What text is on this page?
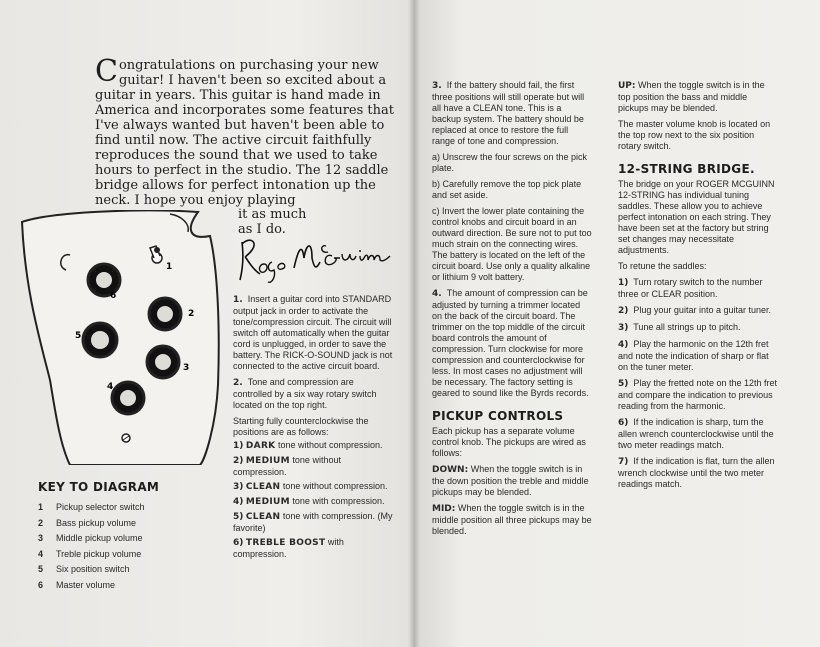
Congratulations on purchasing your new guitar! I haven't been so excited about a guitar in years. This guitar is hand made in America and incorporates some features that I've always wanted but haven't been able to find until now. The active circuit faithfully reproduces the sound that we used to take hours to perfect in the studio. The 12 saddle bridge allows for perfect intonation up the neck. I hope you enjoy playing

it as much
as I do.
1
2
3
4
5
6	1. Insert a guitar cord into STANDARD output jack in order to activate the tone/compression circuit. The circuit will switch off automatically when the guitar cord is unplugged, in order to save the battery. The RICK-O-SOUND jack is not connected to the active circuit board.

2. Tone and compression are controlled by a six way rotary switch located on the top right.

Starting fully counterclockwise the positions are as follows:

1) DARK tone without compression.
2) MEDIUM tone without compression.
3) CLEAN tone without compression.
4) MEDIUM tone with compression.
5) CLEAN tone with compression. (My favorite)
6) TREBLE BOOST with compression.
KEY TO DIAGRAM
1 Pickup selector switch
2 Bass pickup volume
3 Middle pickup volume
4 Treble pickup volume
5 Six position switch
6 Master volume

3. If the battery should fail, the first three positions will still operate but will all have a CLEAN tone. This is a backup system. The battery should be replaced at once to restore the full range of tone and compression.

a) Unscrew the four screws on the pick plate.

b) Carefully remove the top pick plate and set aside.

c) Invert the lower plate containing the control knobs and circuit board in an outward direction. Be sure not to put too much strain on the connecting wires. The battery is located on the left of the circuit board. Use only a quality alkaline or lithium 9 volt battery.

4. The amount of compression can be adjusted by turning a trimmer located on the back of the circuit board. The trimmer on the top middle of the circuit board controls the amount of compression. Turn clockwise for more compression and counterclockwise for less. In most cases no adjustment will be necessary. The factory setting is geared to sound like the Byrds records.

PICKUP CONTROLS

Each pickup has a separate volume control knob. The pickups are wired as follows:

DOWN: When the toggle switch is in the down position the treble and middle pickups may be blended.

MID: When the toggle switch is in the middle position all three pickups may be blended.

UP: When the toggle switch is in the top position the bass and middle pickups may be blended.

The master volume knob is located on the top row next to the six position rotary switch.

12-STRING BRIDGE.

The bridge on your ROGER MCGUINN 12-STRING has individual tuning saddles. These allow you to achieve perfect intonation on each string. They have been set at the factory but string set changes may necessitate adjustments.

To retune the saddles:

1) Turn rotary switch to the number three or CLEAR position.

2) Plug your guitar into a guitar tuner.

3) Tune all strings up to pitch.

4) Play the harmonic on the 12th fret and note the indication of sharp or flat on the tuner meter.

5) Play the fretted note on the 12th fret and compare the indication to previous reading from the harmonic.

6) If the indication is sharp, turn the allen wrench counterclockwise until the two meter readings match.

7) If the indication is flat, turn the allen wrench clockwise until the two meter readings match.
